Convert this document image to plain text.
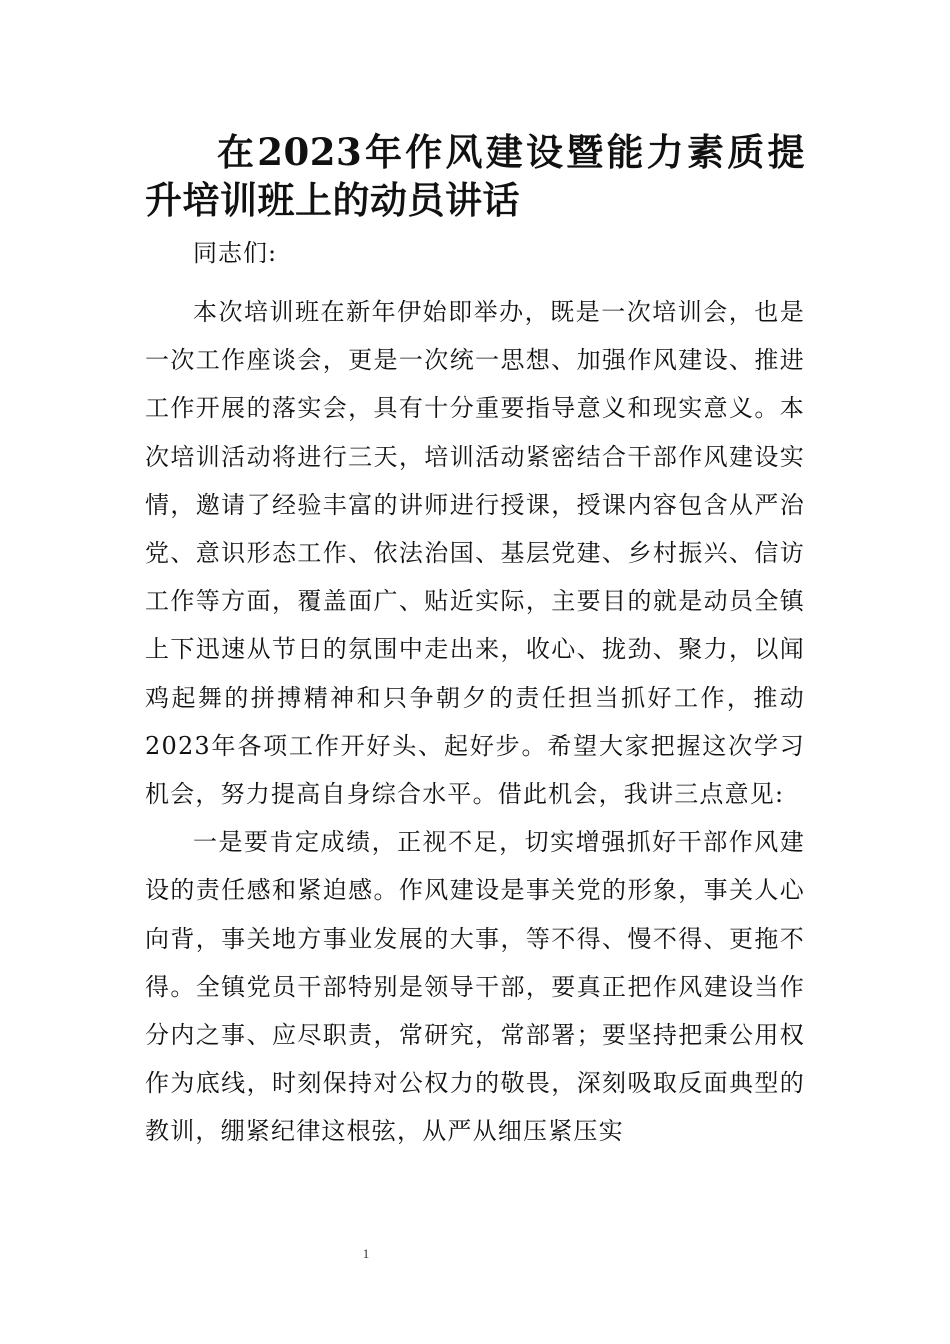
在2023年作风建设暨能力素质提升培训班上的动员讲话

同志们:

本次培训班在新年伊始即举办，既是一次培训会，也是一次工作座谈会，更是一次统一思想、加强作风建设、推进工作开展的落实会，具有十分重要指导意义和现实意义。本次培训活动将进行三天，培训活动紧密结合干部作风建设实情，邀请了经验丰富的讲师进行授课，授课内容包含从严治党、意识形态工作、依法治国、基层党建、乡村振兴、信访工作等方面，覆盖面广、贴近实际，主要目的就是动员全镇上下迅速从节日的氛围中走出来，收心、拢劲、聚力，以闻鸡起舞的拼搏精神和只争朝夕的责任担当抓好工作，推动2023年各项工作开好头、起好步。希望大家把握这次学习机会，努力提高自身综合水平。借此机会，我讲三点意见:

一是要肯定成绩，正视不足，切实增强抓好干部作风建设的责任感和紧迫感。作风建设是事关党的形象，事关人心向背，事关地方事业发展的大事，等不得、慢不得、更拖不得。全镇党员干部特别是领导干部，要真正把作风建设当作分内之事、应尽职责，常研究，常部署；要坚持把秉公用权作为底线，时刻保持对公权力的敬畏，深刻吸取反面典型的教训，绷紧纪律这根弦，从严从细压紧压实

1
